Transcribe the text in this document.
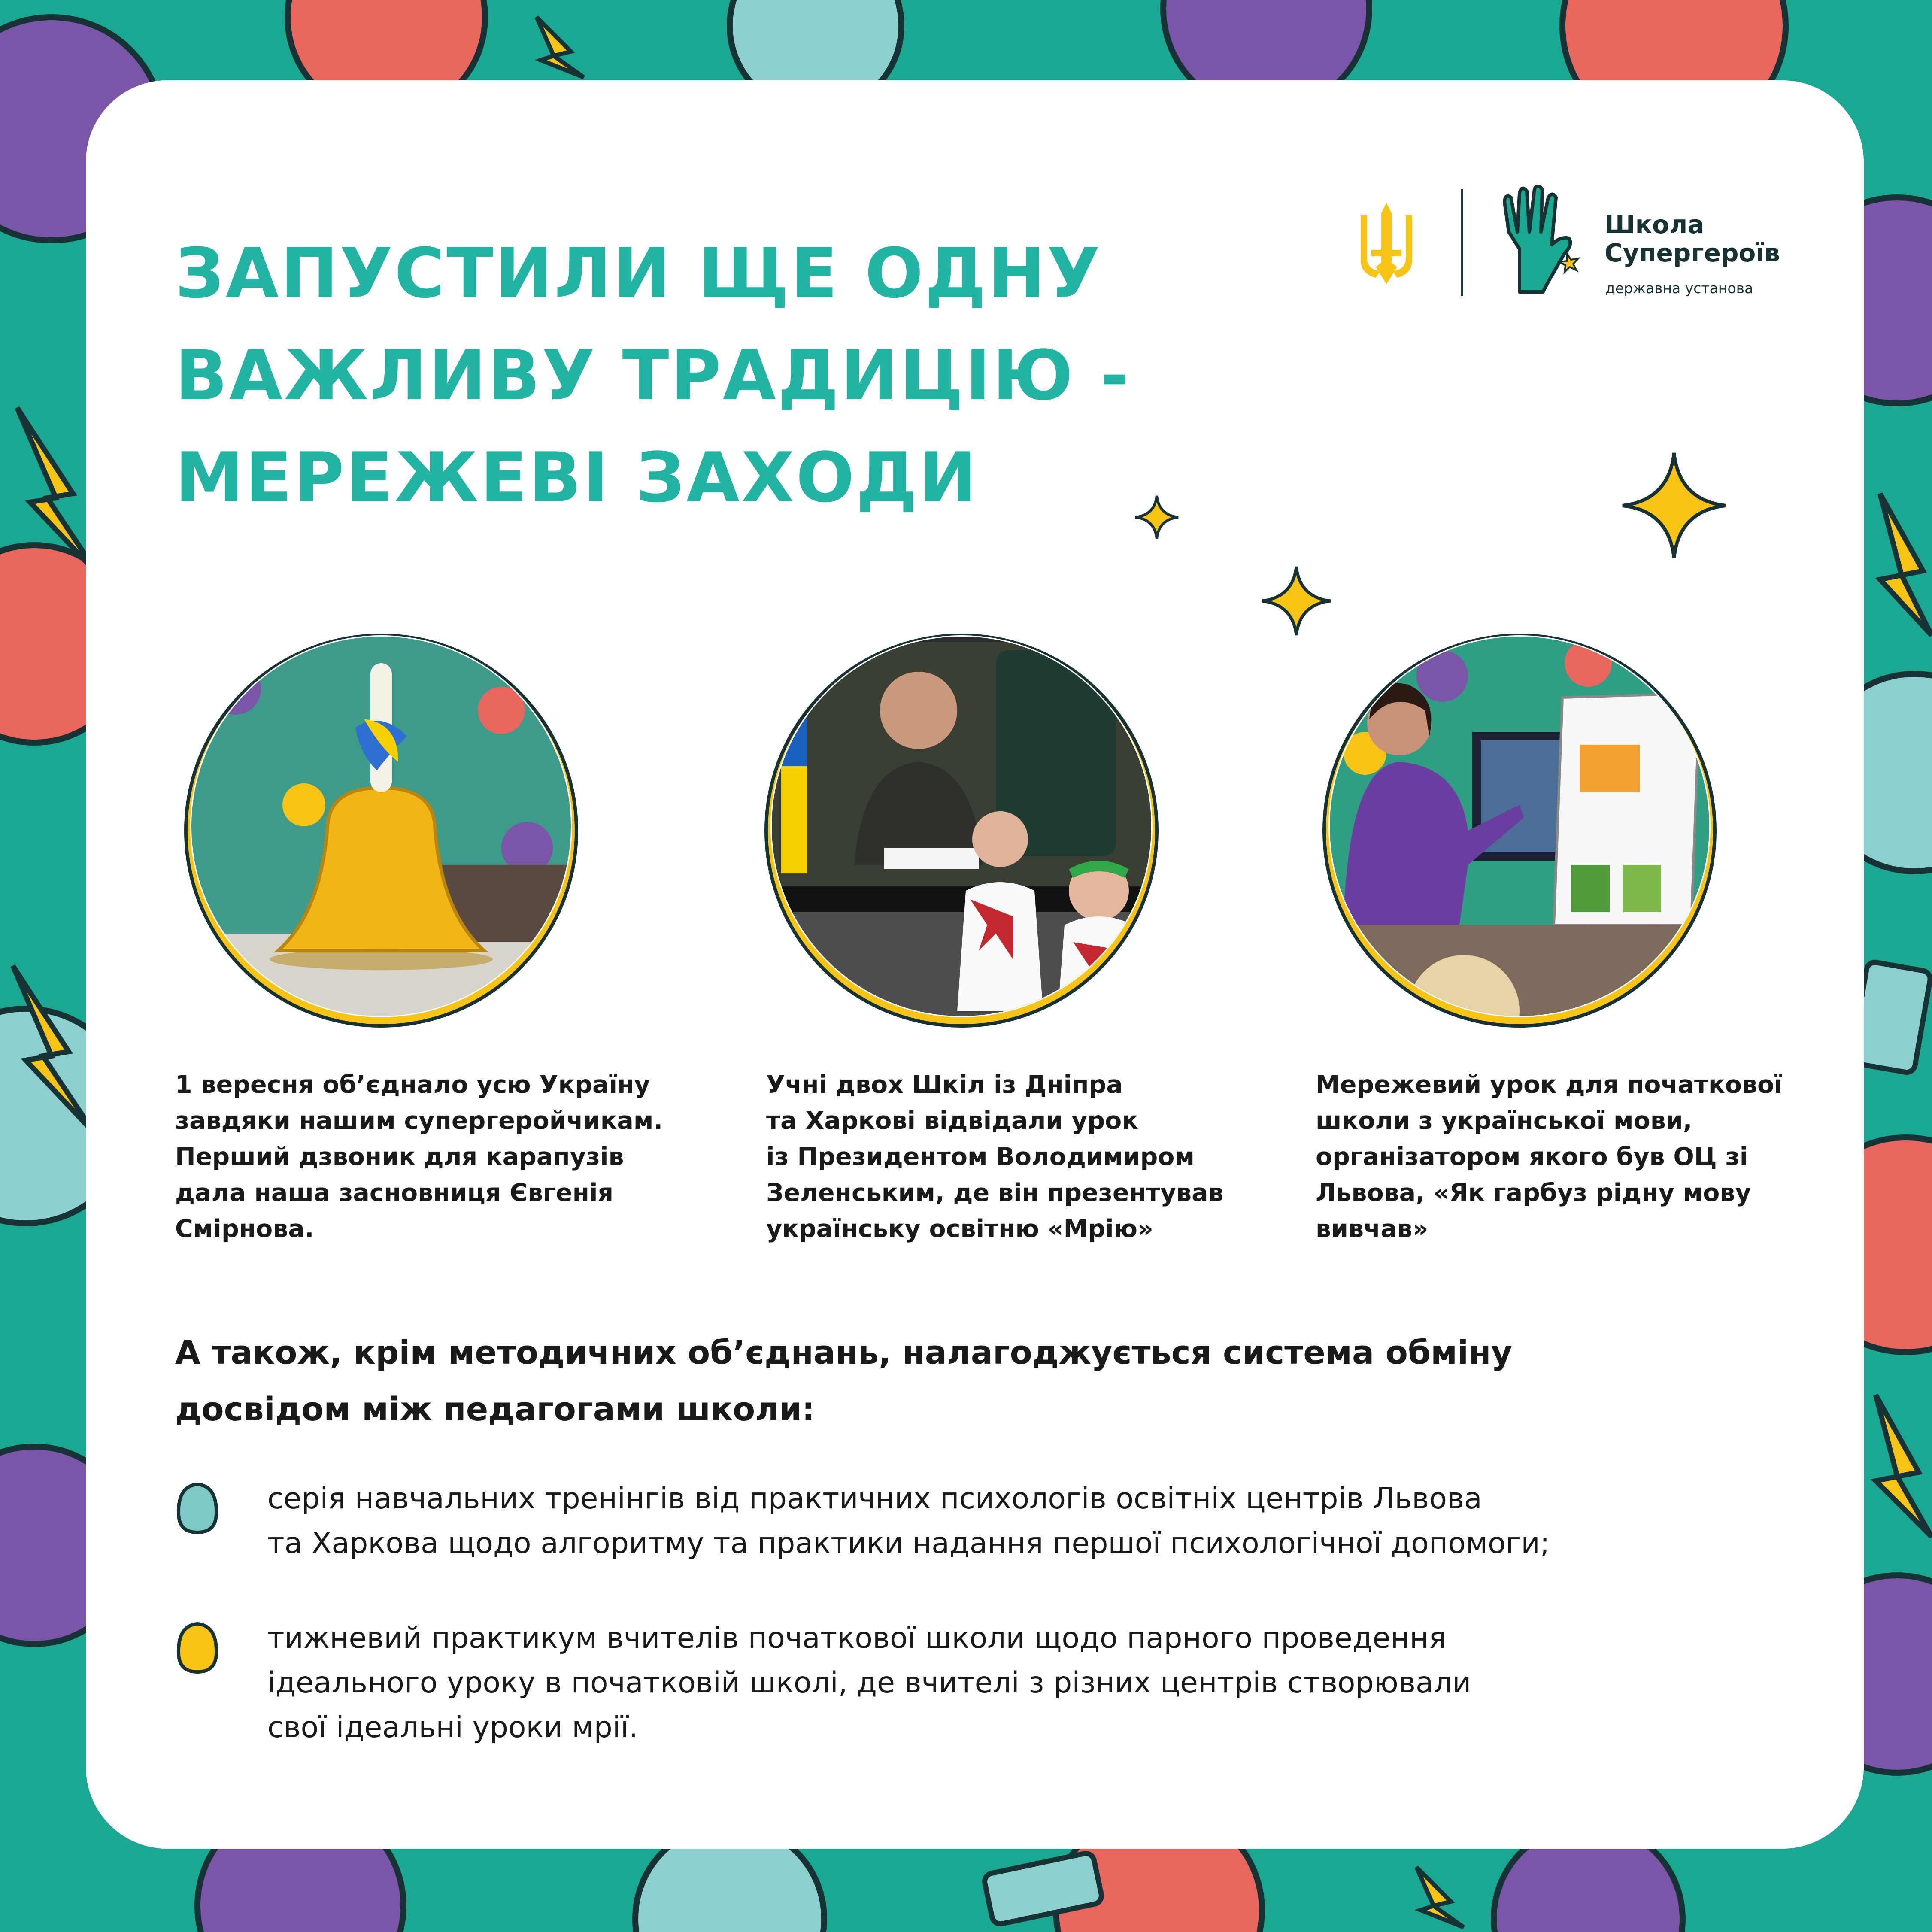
ЗАПУСТИЛИ ЩЕ ОДНУ
ВАЖЛИВУ ТРАДИЦІЮ -
МЕРЕЖЕВІ ЗАХОДИ
Школа
Супергероїв
державна установа

1 вересня об’єднало усю Україну
завдяки нашим супергеройчикам.
Перший дзвоник для карапузів
дала наша засновниця Євгенія
Смірнова.

Учні двох Шкіл із Дніпра
та Харкові відвідали урок
із Президентом Володимиром
Зеленським, де він презентував
українську освітню «Мрію»

Мережевий урок для початкової
школи з української мови,
організатором якого був ОЦ зі
Львова, «Як гарбуз рідну мову
вивчав»

А також, крім методичних об’єднань, налагоджується система обміну
досвідом між педагогами школи:

серія навчальних тренінгів від практичних психологів освітніх центрів Львова
та Харкова щодо алгоритму та практики надання першої психологічної допомоги;

тижневий практикум вчителів початкової школи щодо парного проведення
ідеального уроку в початковій школі, де вчителі з різних центрів створювали
свої ідеальні уроки мрії.
